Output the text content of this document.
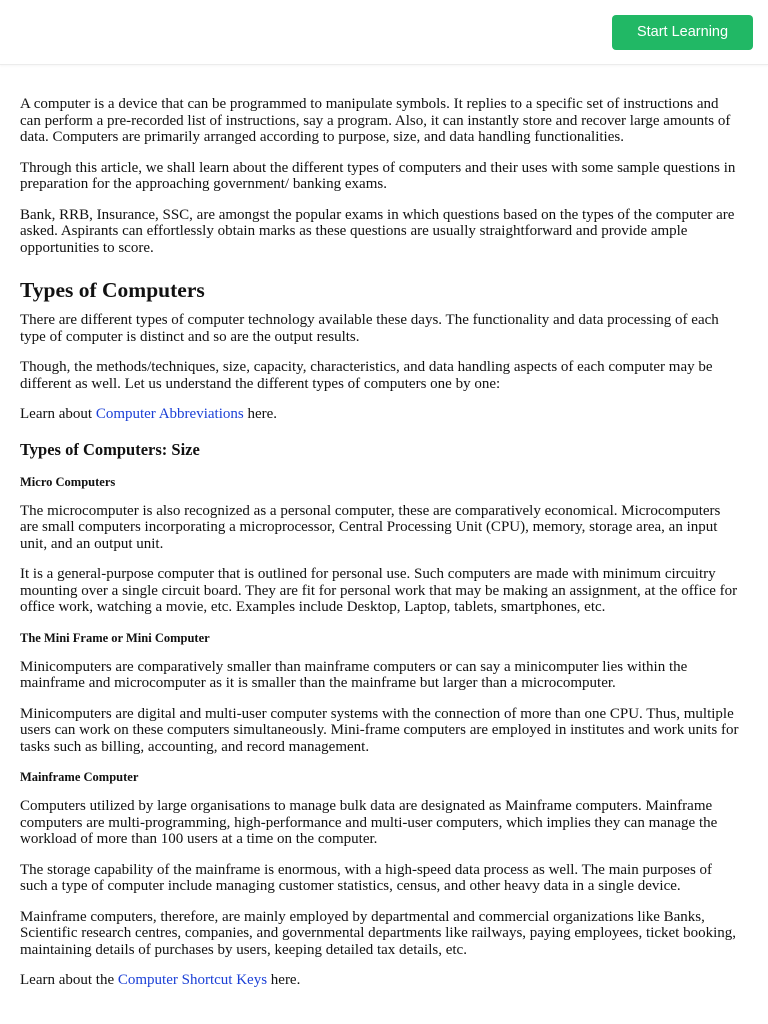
Start Learning

A computer is a device that can be programmed to manipulate symbols. It replies to a specific set of instructions and can perform a pre-recorded list of instructions, say a program. Also, it can instantly store and recover large amounts of data. Computers are primarily arranged according to purpose, size, and data handling functionalities.

Through this article, we shall learn about the different types of computers and their uses with some sample questions in preparation for the approaching government/ banking exams.

Bank, RRB, Insurance, SSC, are amongst the popular exams in which questions based on the types of the computer are asked. Aspirants can effortlessly obtain marks as these questions are usually straightforward and provide ample opportunities to score.

Types of Computers

There are different types of computer technology available these days. The functionality and data processing of each type of computer is distinct and so are the output results.

Though, the methods/techniques, size, capacity, characteristics, and data handling aspects of each computer may be different as well. Let us understand the different types of computers one by one:

Learn about Computer Abbreviations here.

Types of Computers: Size
Micro Computers

The microcomputer is also recognized as a personal computer, these are comparatively economical. Microcomputers are small computers incorporating a microprocessor, Central Processing Unit (CPU), memory, storage area, an input unit, and an output unit.

It is a general-purpose computer that is outlined for personal use. Such computers are made with minimum circuitry mounting over a single circuit board. They are fit for personal work that may be making an assignment, at the office for office work, watching a movie, etc. Examples include Desktop, Laptop, tablets, smartphones, etc.

The Mini Frame or Mini Computer

Minicomputers are comparatively smaller than mainframe computers or can say a minicomputer lies within the mainframe and microcomputer as it is smaller than the mainframe but larger than a microcomputer.

Minicomputers are digital and multi-user computer systems with the connection of more than one CPU. Thus, multiple users can work on these computers simultaneously. Mini-frame computers are employed in institutes and work units for tasks such as billing, accounting, and record management.

Mainframe Computer

Computers utilized by large organisations to manage bulk data are designated as Mainframe computers. Mainframe computers are multi-programming, high-performance and multi-user computers, which implies they can manage the workload of more than 100 users at a time on the computer.

The storage capability of the mainframe is enormous, with a high-speed data process as well. The main purposes of such a type of computer include managing customer statistics, census, and other heavy data in a single device.

Mainframe computers, therefore, are mainly employed by departmental and commercial organizations like Banks, Scientific research centres, companies, and governmental departments like railways, paying employees, ticket booking, maintaining details of purchases by users, keeping detailed tax details, etc.

Learn about the Computer Shortcut Keys here.
